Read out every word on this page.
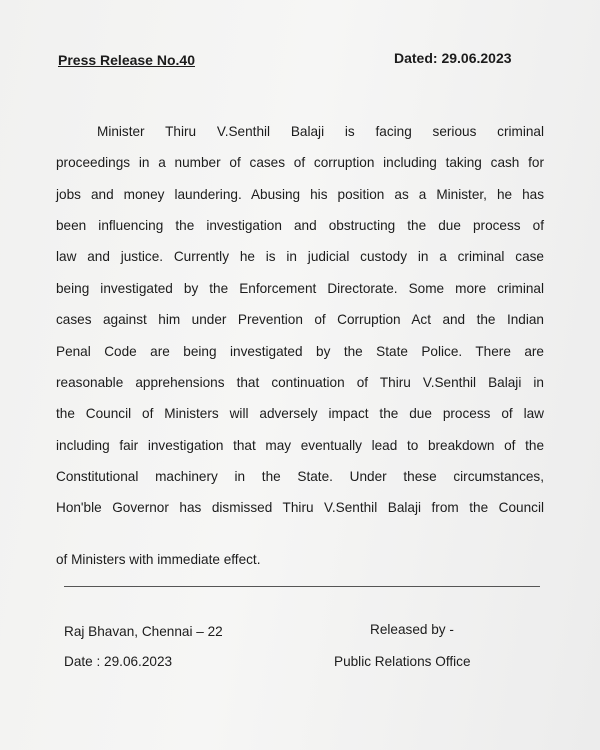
Press Release No.40	Dated: 29.06.2023
Minister Thiru V.Senthil Balaji is facing serious criminal
proceedings in a number of cases of corruption including taking cash for
jobs and money laundering. Abusing his position as a Minister, he has
been influencing the investigation and obstructing the due process of
law and justice. Currently he is in judicial custody in a criminal case
being investigated by the Enforcement Directorate. Some more criminal
cases against him under Prevention of Corruption Act and the Indian
Penal Code are being investigated by the State Police. There are
reasonable apprehensions that continuation of Thiru V.Senthil Balaji in
the Council of Ministers will adversely impact the due process of law
including fair investigation that may eventually lead to breakdown of the
Constitutional machinery in the State. Under these circumstances,
Hon'ble Governor has dismissed Thiru V.Senthil Balaji from the Council
of Ministers with immediate effect.
Raj Bhavan, Chennai – 22
Date : 29.06.2023
Released by -
Public Relations Office
